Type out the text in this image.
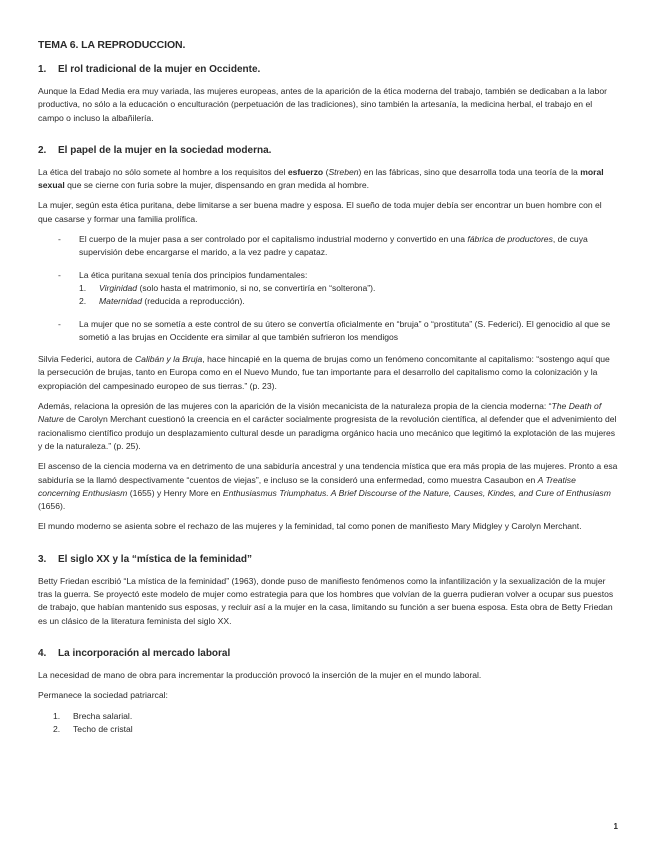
TEMA 6. LA REPRODUCCION.
1. El rol tradicional de la mujer en Occidente.

Aunque la Edad Media era muy variada, las mujeres europeas, antes de la aparición de la ética moderna del trabajo, también se dedicaban a la labor productiva, no sólo a la educación o enculturación (perpetuación de las tradiciones), sino también la artesanía, la medicina herbal, el trabajo en el campo o incluso la albañilería.

2. El papel de la mujer en la sociedad moderna.

La ética del trabajo no sólo somete al hombre a los requisitos del esfuerzo (Streben) en las fábricas, sino que desarrolla toda una teoría de la moral sexual que se cierne con furia sobre la mujer, dispensando en gran medida al hombre.

La mujer, según esta ética puritana, debe limitarse a ser buena madre y esposa. El sueño de toda mujer debía ser encontrar un buen hombre con el que casarse y formar una familia prolífica.

- El cuerpo de la mujer pasa a ser controlado por el capitalismo industrial moderno y convertido en una fábrica de productores, de cuya supervisión debe encargarse el marido, a la vez padre y capataz.
- La ética puritana sexual tenía dos principios fundamentales:
1. Virginidad (solo hasta el matrimonio, si no, se convertiría en “solterona”).
2. Maternidad (reducida a reproducción).
- La mujer que no se sometía a este control de su útero se convertía oficialmente en “bruja” o “prostituta” (S. Federici). El genocidio al que se sometió a las brujas en Occidente era similar al que también sufrieron los mendigos

Silvia Federici, autora de Calibán y la Bruja, hace hincapié en la quema de brujas como un fenómeno concomitante al capitalismo: “sostengo aquí que la persecución de brujas, tanto en Europa como en el Nuevo Mundo, fue tan importante para el desarrollo del capitalismo como la colonización y la expropiación del campesinado europeo de sus tierras.” (p. 23).

Además, relaciona la opresión de las mujeres con la aparición de la visión mecanicista de la naturaleza propia de la ciencia moderna: “The Death of Nature de Carolyn Merchant cuestionó la creencia en el carácter socialmente progresista de la revolución científica, al defender que el advenimiento del racionalismo científico produjo un desplazamiento cultural desde un paradigma orgánico hacia uno mecánico que legitimó la explotación de las mujeres y de la naturaleza.” (p. 25).

El ascenso de la ciencia moderna va en detrimento de una sabiduría ancestral y una tendencia mística que era más propia de las mujeres. Pronto a esa sabiduría se la llamó despectivamente “cuentos de viejas”, e incluso se la consideró una enfermedad, como muestra Casaubon en A Treatise concerning Enthusiasm (1655) y Henry More en Enthusiasmus Triumphatus. A Brief Discourse of the Nature, Causes, Kindes, and Cure of Enthusiasm (1656).

El mundo moderno se asienta sobre el rechazo de las mujeres y la feminidad, tal como ponen de manifiesto Mary Midgley y Carolyn Merchant.

3. El siglo XX y la “mística de la feminidad”

Betty Friedan escribió “La mística de la feminidad” (1963), donde puso de manifiesto fenómenos como la infantilización y la sexualización de la mujer tras la guerra. Se proyectó este modelo de mujer como estrategia para que los hombres que volvían de la guerra pudieran volver a ocupar sus puestos de trabajo, que habían mantenido sus esposas, y recluir así a la mujer en la casa, limitando su función a ser buena esposa. Esta obra de Betty Friedan es un clásico de la literatura feminista del siglo XX.

4. La incorporación al mercado laboral

La necesidad de mano de obra para incrementar la producción provocó la inserción de la mujer en el mundo laboral.

Permanece la sociedad patriarcal:

1. Brecha salarial.
2. Techo de cristal
1
